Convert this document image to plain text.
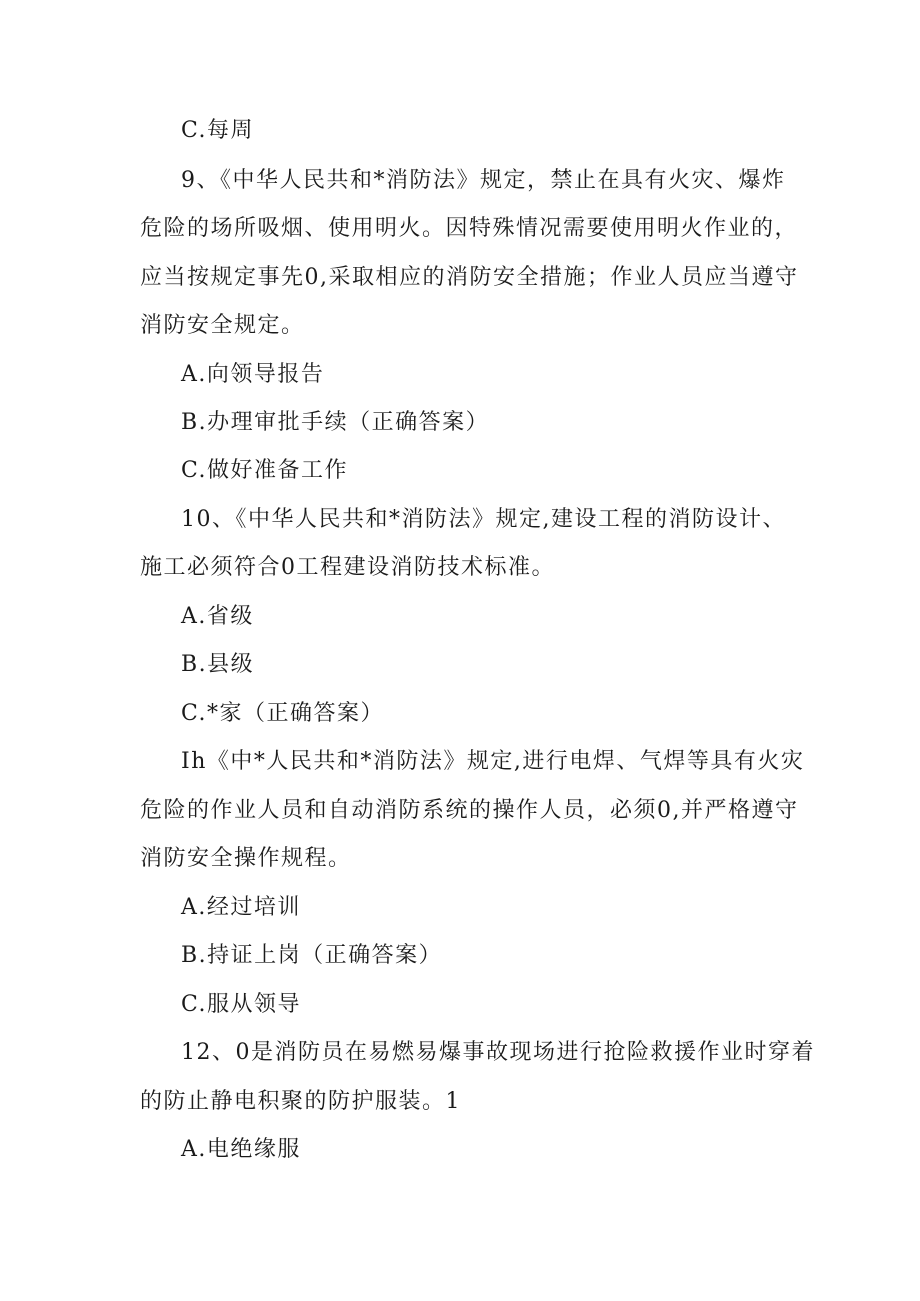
C.每周
9、《中华人民共和*消防法》规定，禁止在具有火灾、爆炸
危险的场所吸烟、使用明火。因特殊情况需要使用明火作业的，
应当按规定事先0,采取相应的消防安全措施；作业人员应当遵守
消防安全规定。
A.向领导报告
B.办理审批手续（正确答案）
C.做好准备工作
10、《中华人民共和*消防法》规定,建设工程的消防设计、
施工必须符合0工程建设消防技术标准。
A.省级
B.县级
C.*家（正确答案）
Ih《中*人民共和*消防法》规定,进行电焊、气焊等具有火灾
危险的作业人员和自动消防系统的操作人员，必须0,并严格遵守
消防安全操作规程。
A.经过培训
B.持证上岗（正确答案）
C.服从领导
12、0是消防员在易燃易爆事故现场进行抢险救援作业时穿着
的防止静电积聚的防护服装。1
A.电绝缘服
